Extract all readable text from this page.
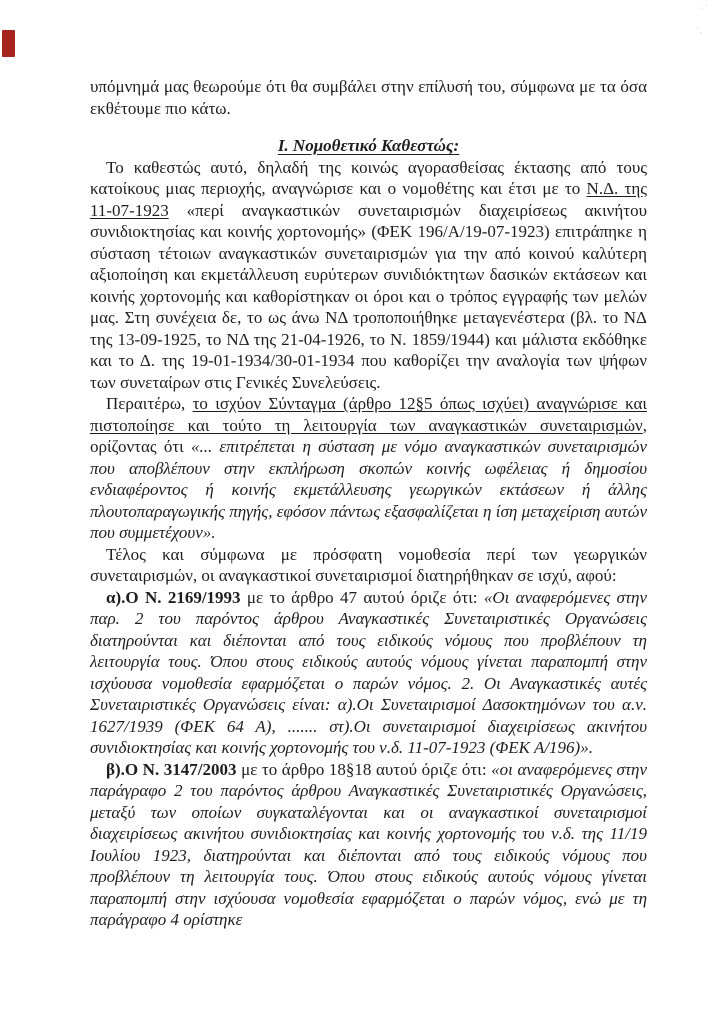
·˙
˙·

υπόμνημά μας θεωρούμε ότι θα συμβάλει στην επίλυσή του, σύμφωνα με τα όσα εκθέτουμε πιο κάτω.

Ι. Νομοθετικό Καθεστώς:

Το καθεστώς αυτό, δηλαδή της κοινώς αγορασθείσας έκτασης από τους κατοίκους μιας περιοχής, αναγνώρισε και ο νομοθέτης και έτσι με το Ν.Δ. της 11-07-1923 «περί αναγκαστικών συνεταιρισμών διαχειρίσεως ακινήτου συνιδιοκτησίας και κοινής χορτονομής» (ΦΕΚ 196/Α/19-07-1923) επιτράπηκε η σύσταση τέτοιων αναγκαστικών συνεταιρισμών για την από κοινού καλύτερη αξιοποίηση και εκμετάλλευση ευρύτερων συνιδιόκτητων δασικών εκτάσεων και κοινής χορτονομής και καθορίστηκαν οι όροι και ο τρόπος εγγραφής των μελών μας. Στη συνέχεια δε, το ως άνω ΝΔ τροποποιήθηκε μεταγενέστερα (βλ. το ΝΔ της 13-09-1925, το ΝΔ της 21-04-1926, το Ν. 1859/1944) και μάλιστα εκδόθηκε και το Δ. της 19-01-1934/30-01-1934 που καθορίζει την αναλογία των ψήφων των συνεταίρων στις Γενικές Συνελεύσεις.

Περαιτέρω, το ισχύον Σύνταγμα (άρθρο 12§5 όπως ισχύει) αναγνώρισε και πιστοποίησε και τούτο τη λειτουργία των αναγκαστικών συνεταιρισμών, ορίζοντας ότι «... επιτρέπεται η σύσταση με νόμο αναγκαστικών συνεταιρισμών που αποβλέπουν στην εκπλήρωση σκοπών κοινής ωφέλειας ή δημοσίου ενδιαφέροντος ή κοινής εκμετάλλευσης γεωργικών εκτάσεων ή άλλης πλουτοπαραγωγικής πηγής, εφόσον πάντως εξασφαλίζεται η ίση μεταχείριση αυτών που συμμετέχουν».

Τέλος και σύμφωνα με πρόσφατη νομοθεσία περί των γεωργικών συνεταιρισμών, οι αναγκαστικοί συνεταιρισμοί διατηρήθηκαν σε ισχύ, αφού:

α).Ο Ν. 2169/1993 με το άρθρο 47 αυτού όριζε ότι: «Οι αναφερόμενες στην παρ. 2 του παρόντος άρθρου Αναγκαστικές Συνεταιριστικές Οργανώσεις διατηρούνται και διέπονται από τους ειδικούς νόμους που προβλέπουν τη λειτουργία τους. Όπου στους ειδικούς αυτούς νόμους γίνεται παραπομπή στην ισχύουσα νομοθεσία εφαρμόζεται ο παρών νόμος. 2. Οι Αναγκαστικές αυτές Συνεταιριστικές Οργανώσεις είναι: α).Οι Συνεταιρισμοί Δασοκτημόνων του α.ν. 1627/1939 (ΦΕΚ 64 Α), ....... στ).Οι συνεταιρισμοί διαχειρίσεως ακινήτου συνιδιοκτησίας και κοινής χορτονομής του ν.δ. 11-07-1923 (ΦΕΚ Α/196)».

β).Ο Ν. 3147/2003 με το άρθρο 18§18 αυτού όριζε ότι: «οι αναφερόμενες στην παράγραφο 2 του παρόντος άρθρου Αναγκαστικές Συνεταιριστικές Οργανώσεις, μεταξύ των οποίων συγκαταλέγονται και οι αναγκαστικοί συνεταιρισμοί διαχειρίσεως ακινήτου συνιδιοκτησίας και κοινής χορτονομής του ν.δ. της 11/19 Ιουλίου 1923, διατηρούνται και διέπονται από τους ειδικούς νόμους που προβλέπουν τη λειτουργία τους. Όπου στους ειδικούς αυτούς νόμους γίνεται παραπομπή στην ισχύουσα νομοθεσία εφαρμόζεται ο παρών νόμος, ενώ με τη παράγραφο 4 ορίστηκε
